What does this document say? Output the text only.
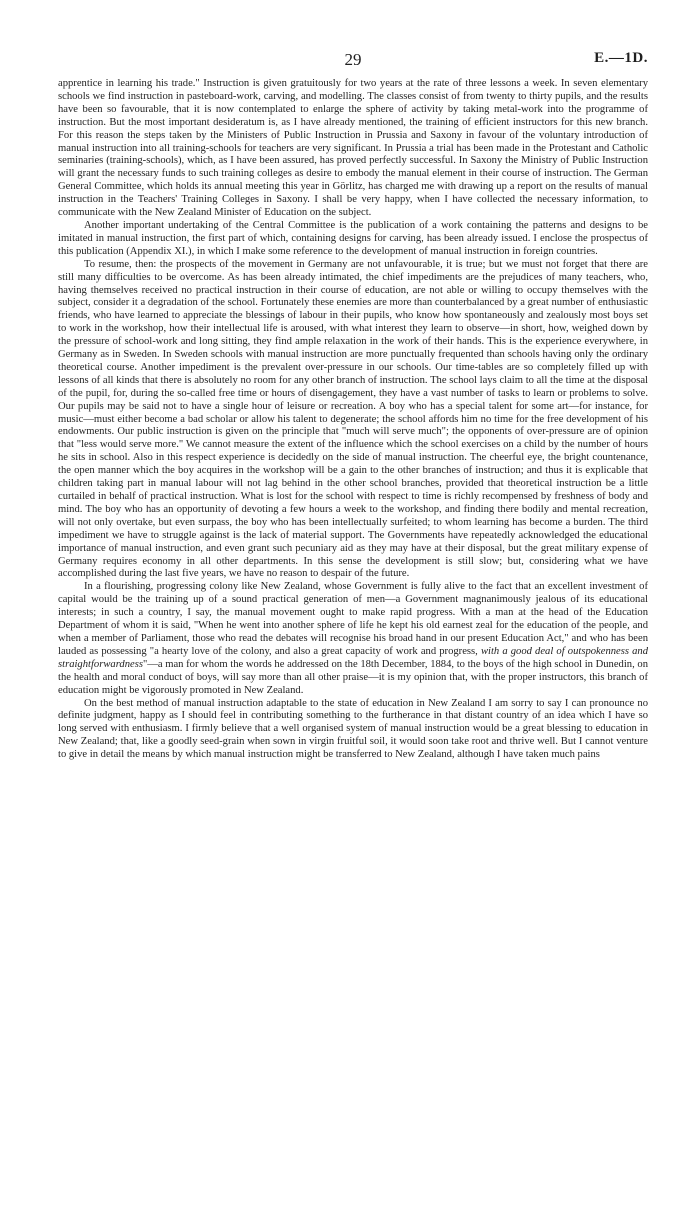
29	E.—1D.

apprentice in learning his trade." Instruction is given gratuitously for two years at the rate of three lessons a week. In seven elementary schools we find instruction in pasteboard-work, carving, and modelling. The classes consist of from twenty to thirty pupils, and the results have been so favourable, that it is now contemplated to enlarge the sphere of activity by taking metal-work into the programme of instruction. But the most important desideratum is, as I have already mentioned, the training of efficient instructors for this new branch. For this reason the steps taken by the Ministers of Public Instruction in Prussia and Saxony in favour of the voluntary introduction of manual instruction into all training-schools for teachers are very significant. In Prussia a trial has been made in the Protestant and Catholic seminaries (training-schools), which, as I have been assured, has proved perfectly successful. In Saxony the Ministry of Public Instruction will grant the necessary funds to such training colleges as desire to embody the manual element in their course of instruction. The German General Committee, which holds its annual meeting this year in Görlitz, has charged me with drawing up a report on the results of manual instruction in the Teachers' Training Colleges in Saxony. I shall be very happy, when I have collected the necessary information, to communicate with the New Zealand Minister of Education on the subject.

Another important undertaking of the Central Committee is the publication of a work containing the patterns and designs to be imitated in manual instruction, the first part of which, containing designs for carving, has been already issued. I enclose the prospectus of this publication (Appendix XI.), in which I make some reference to the development of manual instruction in foreign countries.

To resume, then: the prospects of the movement in Germany are not unfavourable, it is true; but we must not forget that there are still many difficulties to be overcome. As has been already intimated, the chief impediments are the prejudices of many teachers, who, having themselves received no practical instruction in their course of education, are not able or willing to occupy themselves with the subject, consider it a degradation of the school. Fortunately these enemies are more than counterbalanced by a great number of enthusiastic friends, who have learned to appreciate the blessings of labour in their pupils, who know how spontaneously and zealously most boys set to work in the workshop, how their intellectual life is aroused, with what interest they learn to observe—in short, how, weighed down by the pressure of school-work and long sitting, they find ample relaxation in the work of their hands. This is the experience everywhere, in Germany as in Sweden. In Sweden schools with manual instruction are more punctually frequented than schools having only the ordinary theoretical course. Another impediment is the prevalent over-pressure in our schools. Our time-tables are so completely filled up with lessons of all kinds that there is absolutely no room for any other branch of instruction. The school lays claim to all the time at the disposal of the pupil, for, during the so-called free time or hours of disengagement, they have a vast number of tasks to learn or problems to solve. Our pupils may be said not to have a single hour of leisure or recreation. A boy who has a special talent for some art—for instance, for music—must either become a bad scholar or allow his talent to degenerate; the school affords him no time for the free development of his endowments. Our public instruction is given on the principle that "much will serve much"; the opponents of over-pressure are of opinion that "less would serve more." We cannot measure the extent of the influence which the school exercises on a child by the number of hours he sits in school. Also in this respect experience is decidedly on the side of manual instruction. The cheerful eye, the bright countenance, the open manner which the boy acquires in the workshop will be a gain to the other branches of instruction; and thus it is explicable that children taking part in manual labour will not lag behind in the other school branches, provided that theoretical instruction be a little curtailed in behalf of practical instruction. What is lost for the school with respect to time is richly recompensed by freshness of body and mind. The boy who has an opportunity of devoting a few hours a week to the workshop, and finding there bodily and mental recreation, will not only overtake, but even surpass, the boy who has been intellectually surfeited; to whom learning has become a burden. The third impediment we have to struggle against is the lack of material support. The Governments have repeatedly acknowledged the educational importance of manual instruction, and even grant such pecuniary aid as they may have at their disposal, but the great military expense of Germany requires economy in all other departments. In this sense the development is still slow; but, considering what we have accomplished during the last five years, we have no reason to despair of the future.

In a flourishing, progressing colony like New Zealand, whose Government is fully alive to the fact that an excellent investment of capital would be the training up of a sound practical generation of men—a Government magnanimously jealous of its educational interests; in such a country, I say, the manual movement ought to make rapid progress. With a man at the head of the Education Department of whom it is said, "When he went into another sphere of life he kept his old earnest zeal for the education of the people, and when a member of Parliament, those who read the debates will recognise his broad hand in our present Education Act," and who has been lauded as possessing "a hearty love of the colony, and also a great capacity of work and progress, with a good deal of outspokenness and straightforwardness"—a man for whom the words he addressed on the 18th December, 1884, to the boys of the high school in Dunedin, on the health and moral conduct of boys, will say more than all other praise—it is my opinion that, with the proper instructors, this branch of education might be vigorously promoted in New Zealand.

On the best method of manual instruction adaptable to the state of education in New Zealand I am sorry to say I can pronounce no definite judgment, happy as I should feel in contributing something to the furtherance in that distant country of an idea which I have so long served with enthusiasm. I firmly believe that a well organised system of manual instruction would be a great blessing to education in New Zealand; that, like a goodly seed-grain when sown in virgin fruitful soil, it would soon take root and thrive well. But I cannot venture to give in detail the means by which manual instruction might be transferred to New Zealand, although I have taken much pains
